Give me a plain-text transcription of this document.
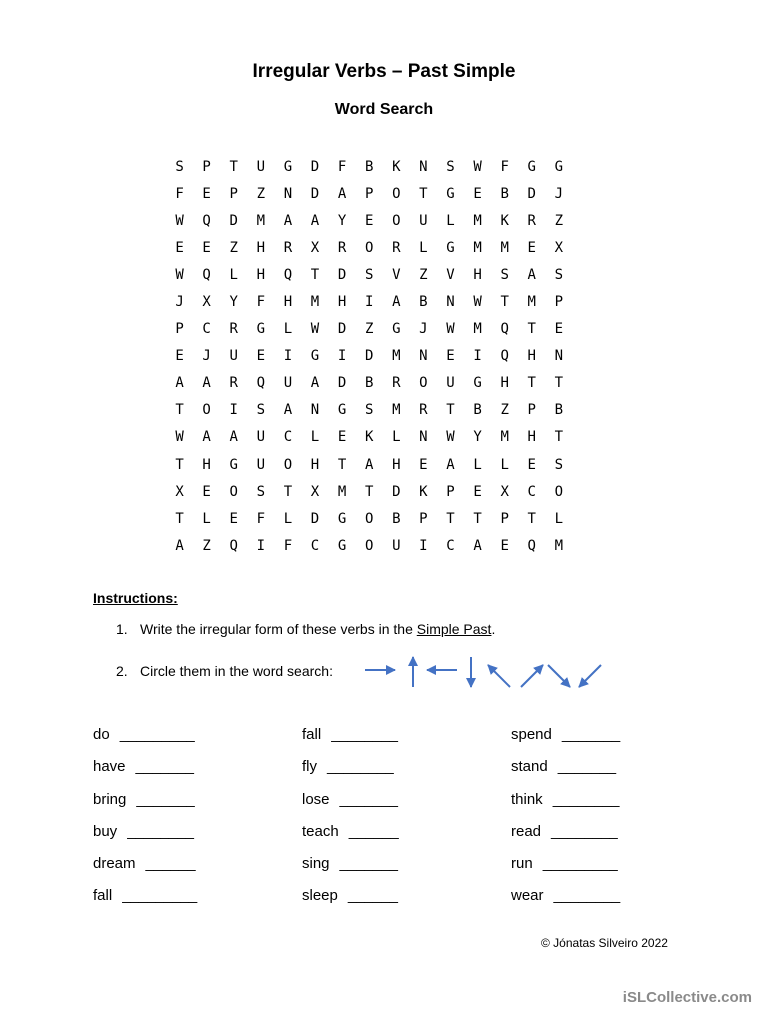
Irregular Verbs – Past Simple
Word Search
S	P	T	U	G	D	F	B	K	N	S	W	F	G	G
F	E	P	Z	N	D	A	P	O	T	G	E	B	D	J
W	Q	D	M	A	A	Y	E	O	U	L	M	K	R	Z
E	E	Z	H	R	X	R	O	R	L	G	M	M	E	X
W	Q	L	H	Q	T	D	S	V	Z	V	H	S	A	S
J	X	Y	F	H	M	H	I	A	B	N	W	T	M	P
P	C	R	G	L	W	D	Z	G	J	W	M	Q	T	E
E	J	U	E	I	G	I	D	M	N	E	I	Q	H	N
A	A	R	Q	U	A	D	B	R	O	U	G	H	T	T
T	O	I	S	A	N	G	S	M	R	T	B	Z	P	B
W	A	A	U	C	L	E	K	L	N	W	Y	M	H	T
T	H	G	U	O	H	T	A	H	E	A	L	L	E	S
X	E	O	S	T	X	M	T	D	K	P	E	X	C	O
T	L	E	F	L	D	G	O	B	P	T	T	P	T	L
A	Z	Q	I	F	C	G	O	U	I	C	A	E	Q	M
Instructions:
1. Write the irregular form of these verbs in the Simple Past.
2. Circle them in the word search:
do _________
have _______
bring _______
buy ________
dream ______
fall _________
fall ________
fly ________
lose _______
teach ______
sing _______
sleep ______
spend _______
stand _______
think ________
read ________
run _________
wear ________
© Jónatas Silveiro 2022
iSLCollective.com
